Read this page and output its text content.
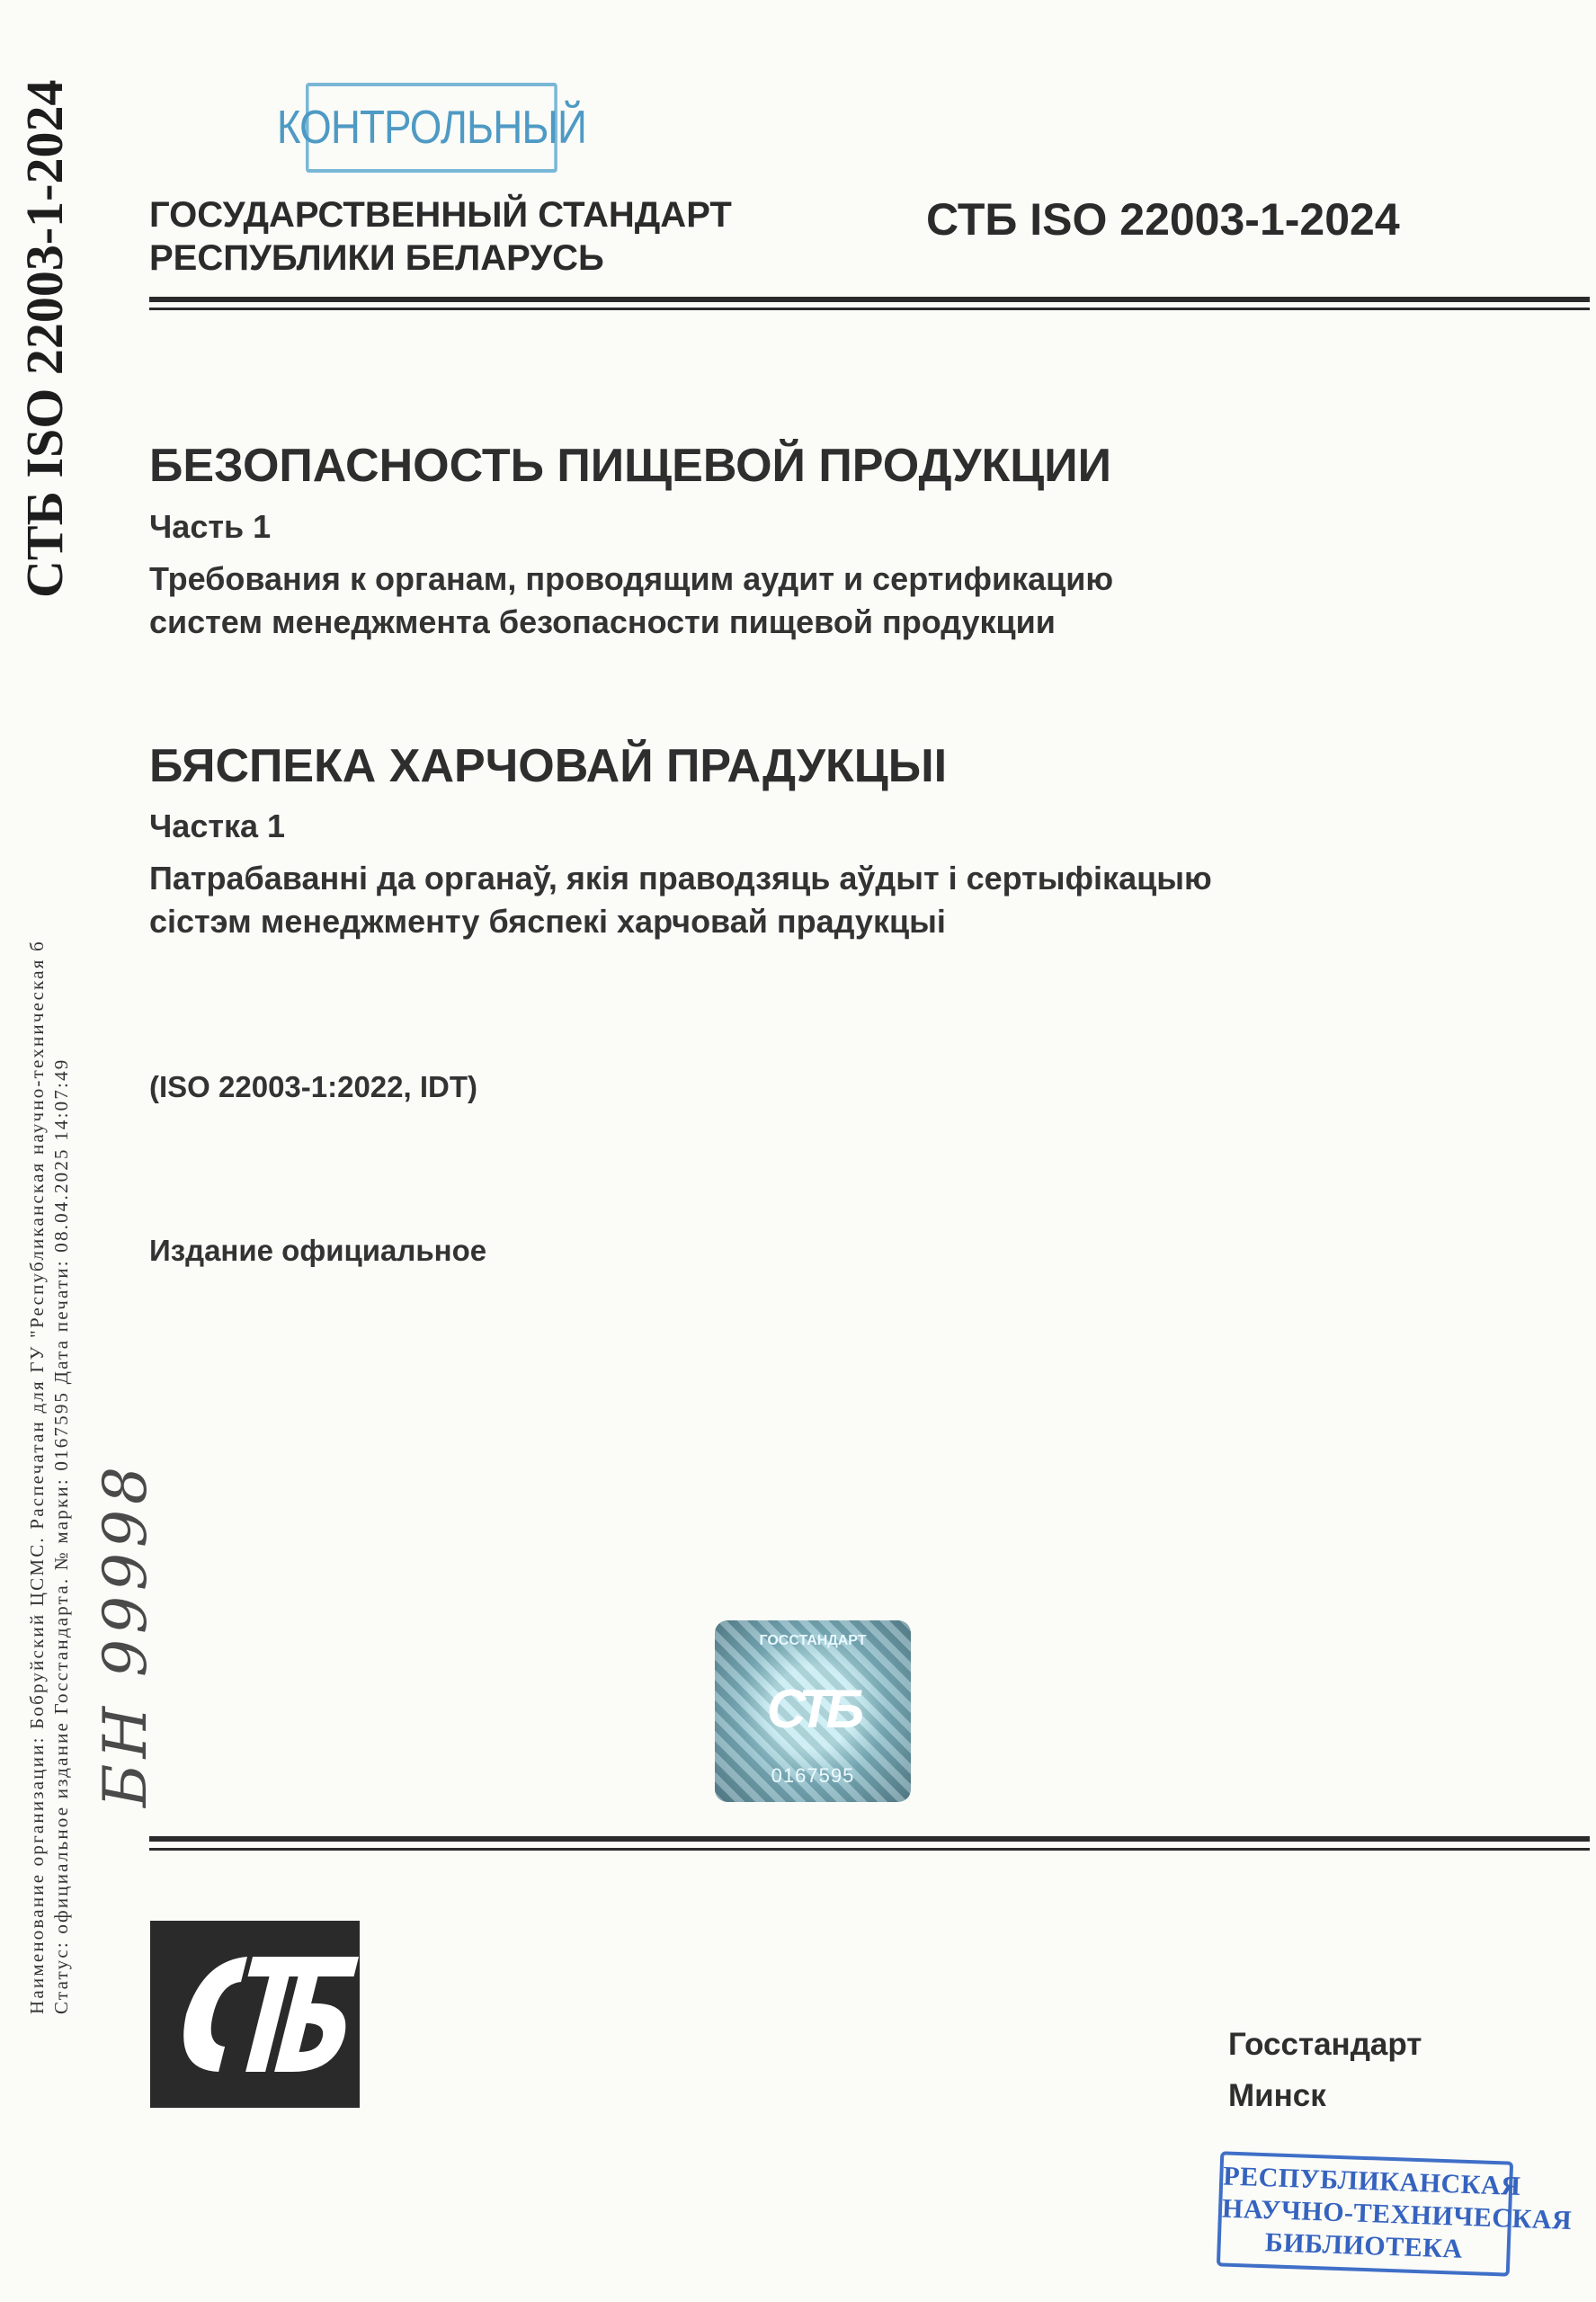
СТБ ISO 22003-1-2024
Наименование организации: Бобруйский ЦСМС. Распечатан для ГУ "Республиканская научно-техническая б Статус: официальное издание Госстандарта. № марки: 0167595 Дата печати: 08.04.2025 14:07:49 БН 99998
КОНТРОЛЬНЫЙ
ГОСУДАРСТВЕННЫЙ СТАНДАРТ
РЕСПУБЛИКИ БЕЛАРУСЬ
СТБ ISO 22003-1-2024
БЕЗОПАСНОСТЬ ПИЩЕВОЙ ПРОДУКЦИИ
Часть 1
Требования к органам, проводящим аудит и сертификацию
систем менеджмента безопасности пищевой продукции
БЯСПЕКА ХАРЧОВАЙ ПРАДУКЦЫІ
Частка 1
Патрабаванні да органаў, якія праводзяць аўдыт і сертыфікацыю
сістэм менеджменту бяспекі харчовай прадукцыі
(ISO 22003-1:2022, IDT)
Издание официальное
ГОССТАНДАРТ
СТБ
0167595
Госстандарт
Минск
РЕСПУБЛИКАНСКАЯ
НАУЧНО-ТЕХНИЧЕСКАЯ
БИБЛИОТЕКА
